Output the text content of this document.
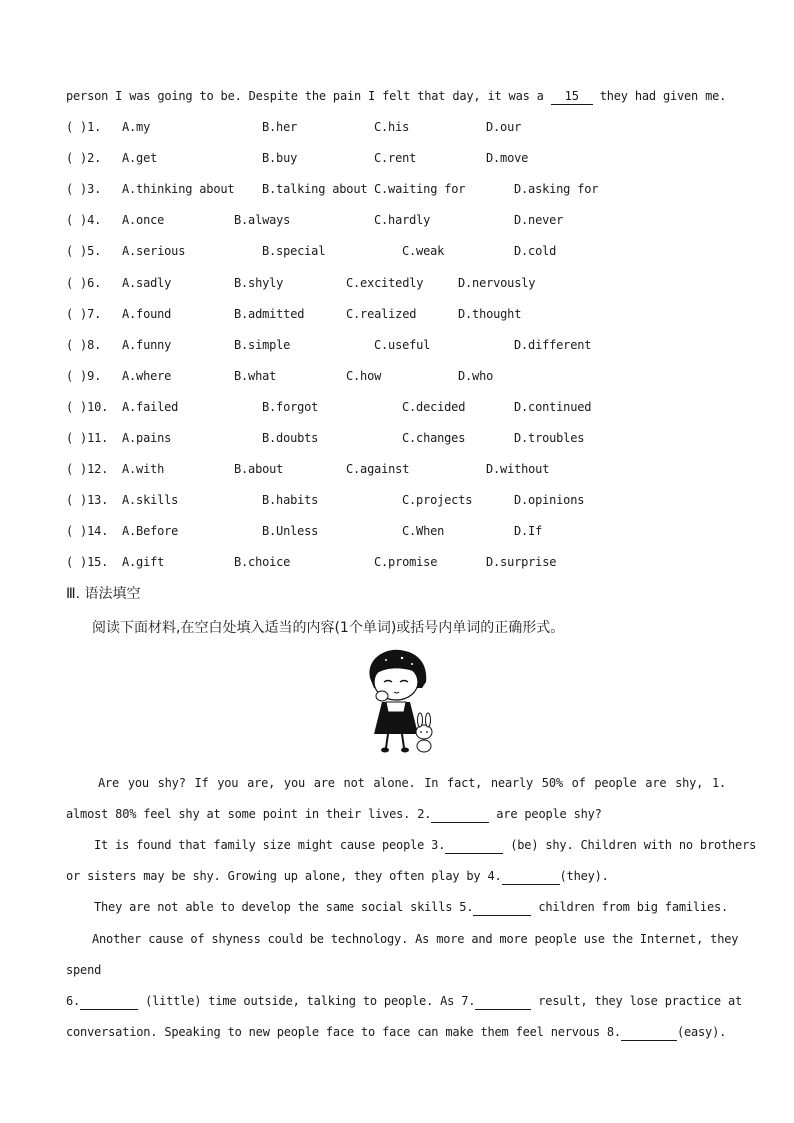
person I was going to be. Despite the pain I felt that day, it was a 15 they had given me.
( )1. A.my	B.her	C.his	D.our
( )2. A.get	B.buy	C.rent	D.move
( )3. A.thinking about B.talking about C.waiting for	D.asking for
( )4. A.once	B.always	C.hardly	D.never
( )5. A.serious	B.special	C.weak	D.cold
( )6. A.sadly	B.shyly	C.excitedly	D.nervously
( )7. A.found	B.admitted	C.realized	D.thought
( )8. A.funny	B.simple	C.useful	D.different
( )9. A.where	B.what	C.how	D.who
( )10. A.failed	B.forgot	C.decided	D.continued
( )11. A.pains	B.doubts	C.changes	D.troubles
( )12. A.with	B.about	C.against	D.without
( )13. A.skills	B.habits	C.projects	D.opinions
( )14. A.Before	B.Unless	C.When	D.If
( )15. A.gift	B.choice	C.promise	D.surprise
Ⅲ. 语法填空
阅读下面材料,在空白处填入适当的内容(1个单词)或括号内单词的正确形式。
Are you shy? If you are, you are not alone. In fact, nearly 50% of people are shy, 1.
almost 80% feel shy at some point in their lives. 2.	are people shy?
It is found that family size might cause people 3.	(be) shy. Children with no brothers
or sisters may be shy. Growing up alone, they often play by 4.	(they).
They are not able to develop the same social skills 5.	children from big families.
Another cause of shyness could be technology. As more and more people use the Internet, they
spend
6.	(little) time outside, talking to people. As 7.	result, they lose practice at
conversation. Speaking to new people face to face can make them feel nervous 8.	(easy).
